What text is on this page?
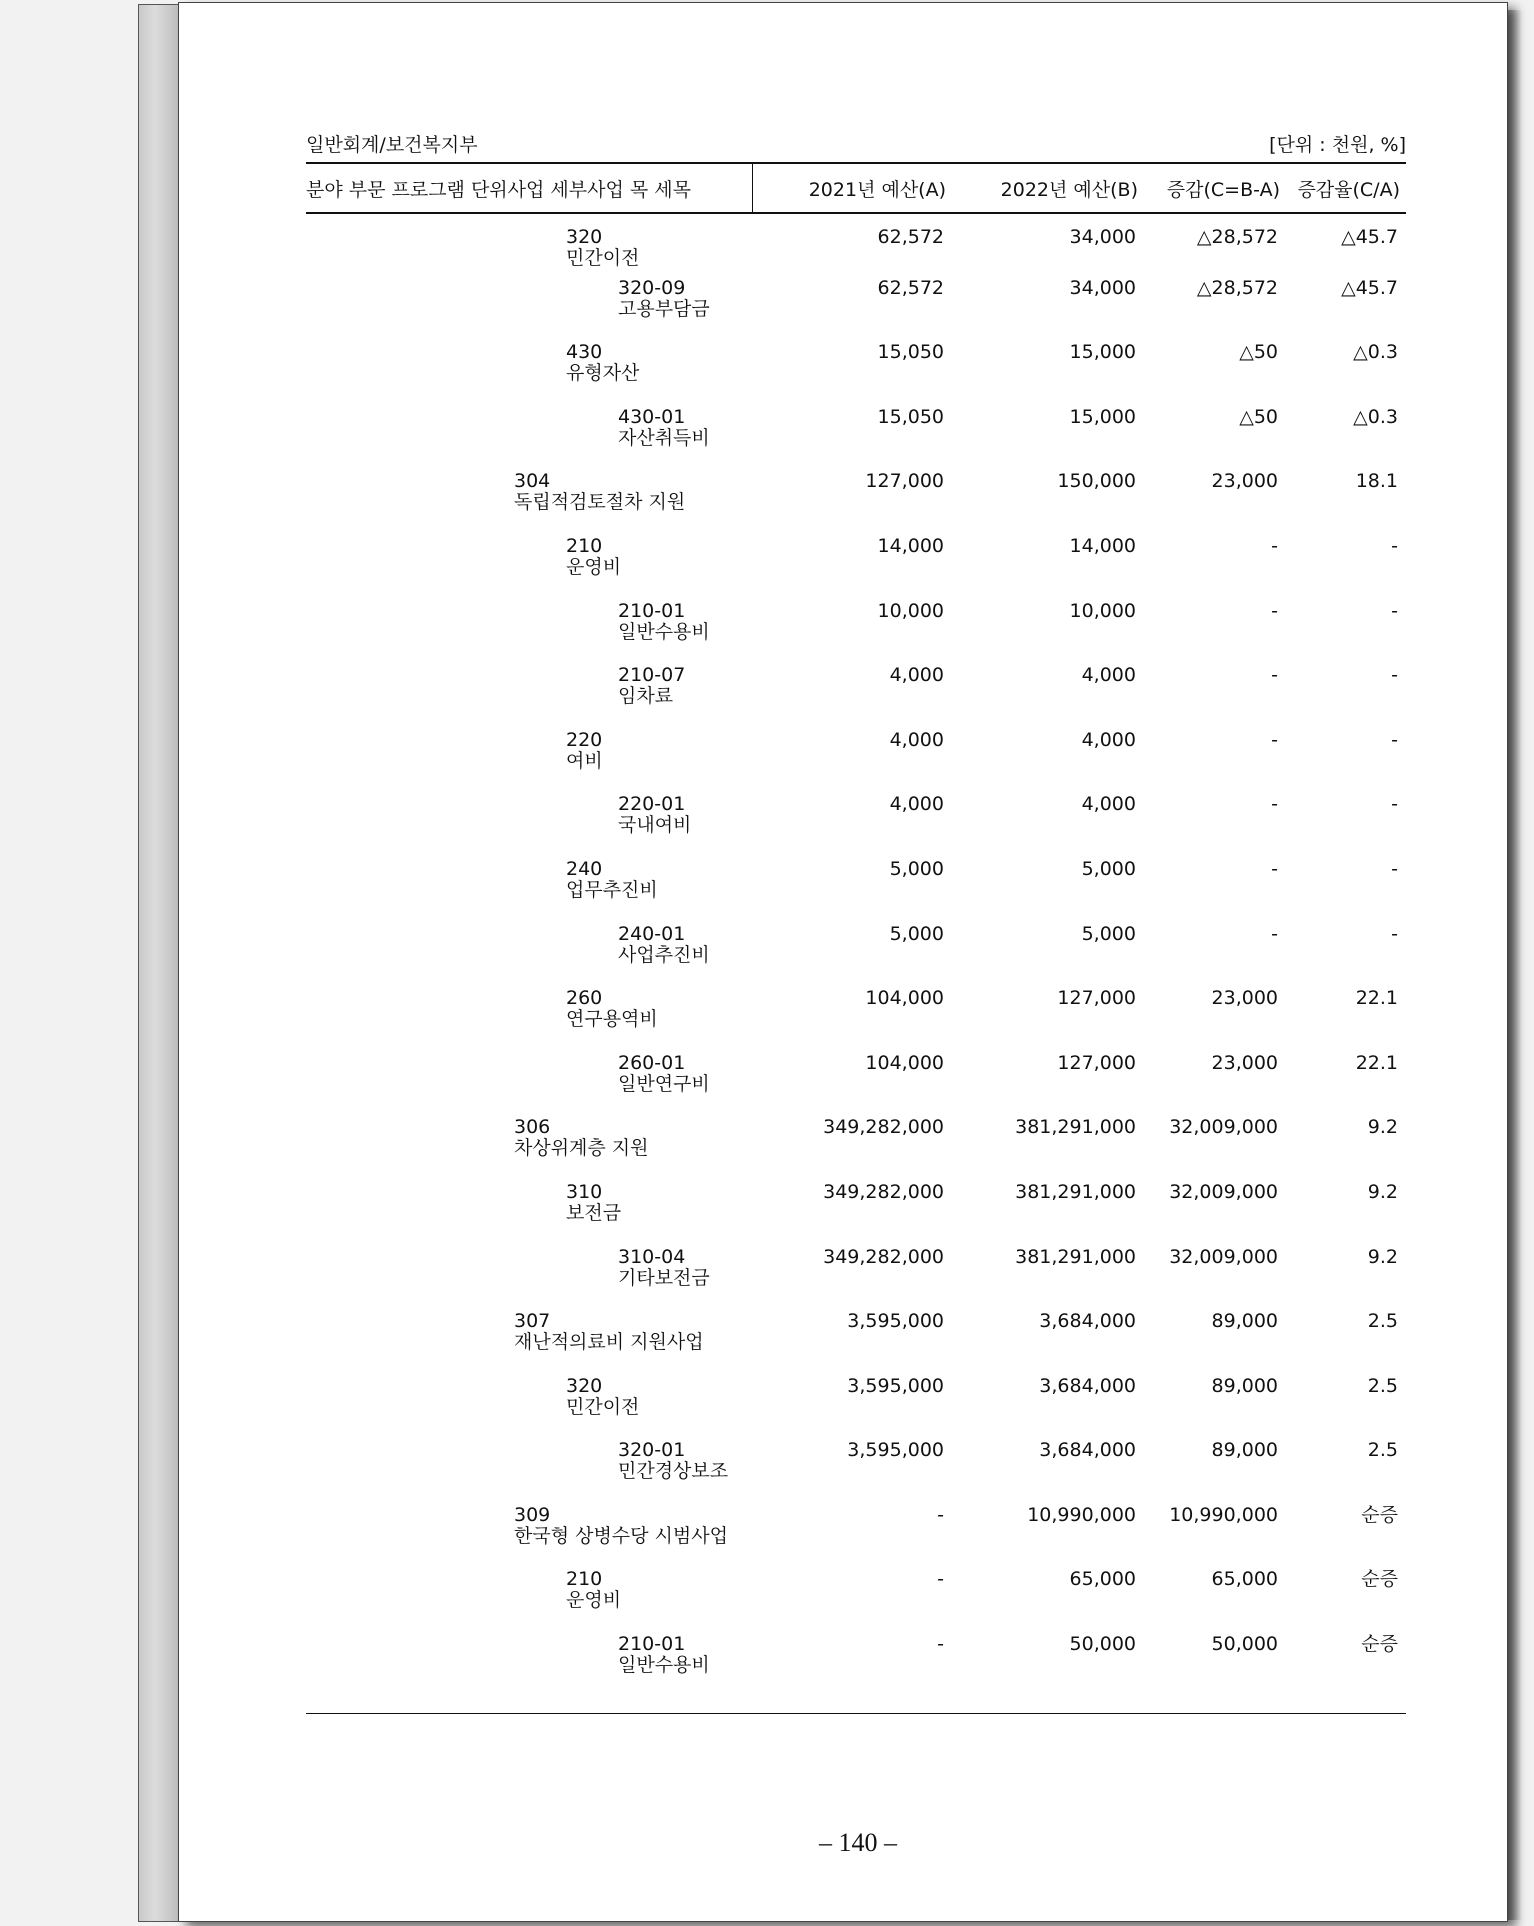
일반회계/보건복지부	[단위 : 천원, %]
분야 부문 프로그램 단위사업 세부사업 목 세목	2021년 예산(A)	2022년 예산(B)	증감(C=B-A)	증감율(C/A)

320
민간이전	62,572	34,000	△28,572	△45.7

320-09
고용부담금	62,572	34,000	△28,572	△45.7

430
유형자산	15,050	15,000	△50	△0.3

430-01
자산취득비	15,050	15,000	△50	△0.3

304
독립적검토절차 지원	127,000	150,000	23,000	18.1

210
운영비	14,000	14,000	-	-

210-01
일반수용비	10,000	10,000	-	-

210-07
임차료	4,000	4,000	-	-

220
여비	4,000	4,000	-	-

220-01
국내여비	4,000	4,000	-	-

240
업무추진비	5,000	5,000	-	-

240-01
사업추진비	5,000	5,000	-	-

260
연구용역비	104,000	127,000	23,000	22.1

260-01
일반연구비	104,000	127,000	23,000	22.1

306
차상위계층 지원	349,282,000	381,291,000	32,009,000	9.2

310
보전금	349,282,000	381,291,000	32,009,000	9.2

310-04
기타보전금	349,282,000	381,291,000	32,009,000	9.2

307
재난적의료비 지원사업	3,595,000	3,684,000	89,000	2.5

320
민간이전	3,595,000	3,684,000	89,000	2.5

320-01
민간경상보조	3,595,000	3,684,000	89,000	2.5

309
한국형 상병수당 시범사업	-	10,990,000	10,990,000	순증

210
운영비	-	65,000	65,000	순증

210-01
일반수용비	-	50,000	50,000	순증
– 140 –
